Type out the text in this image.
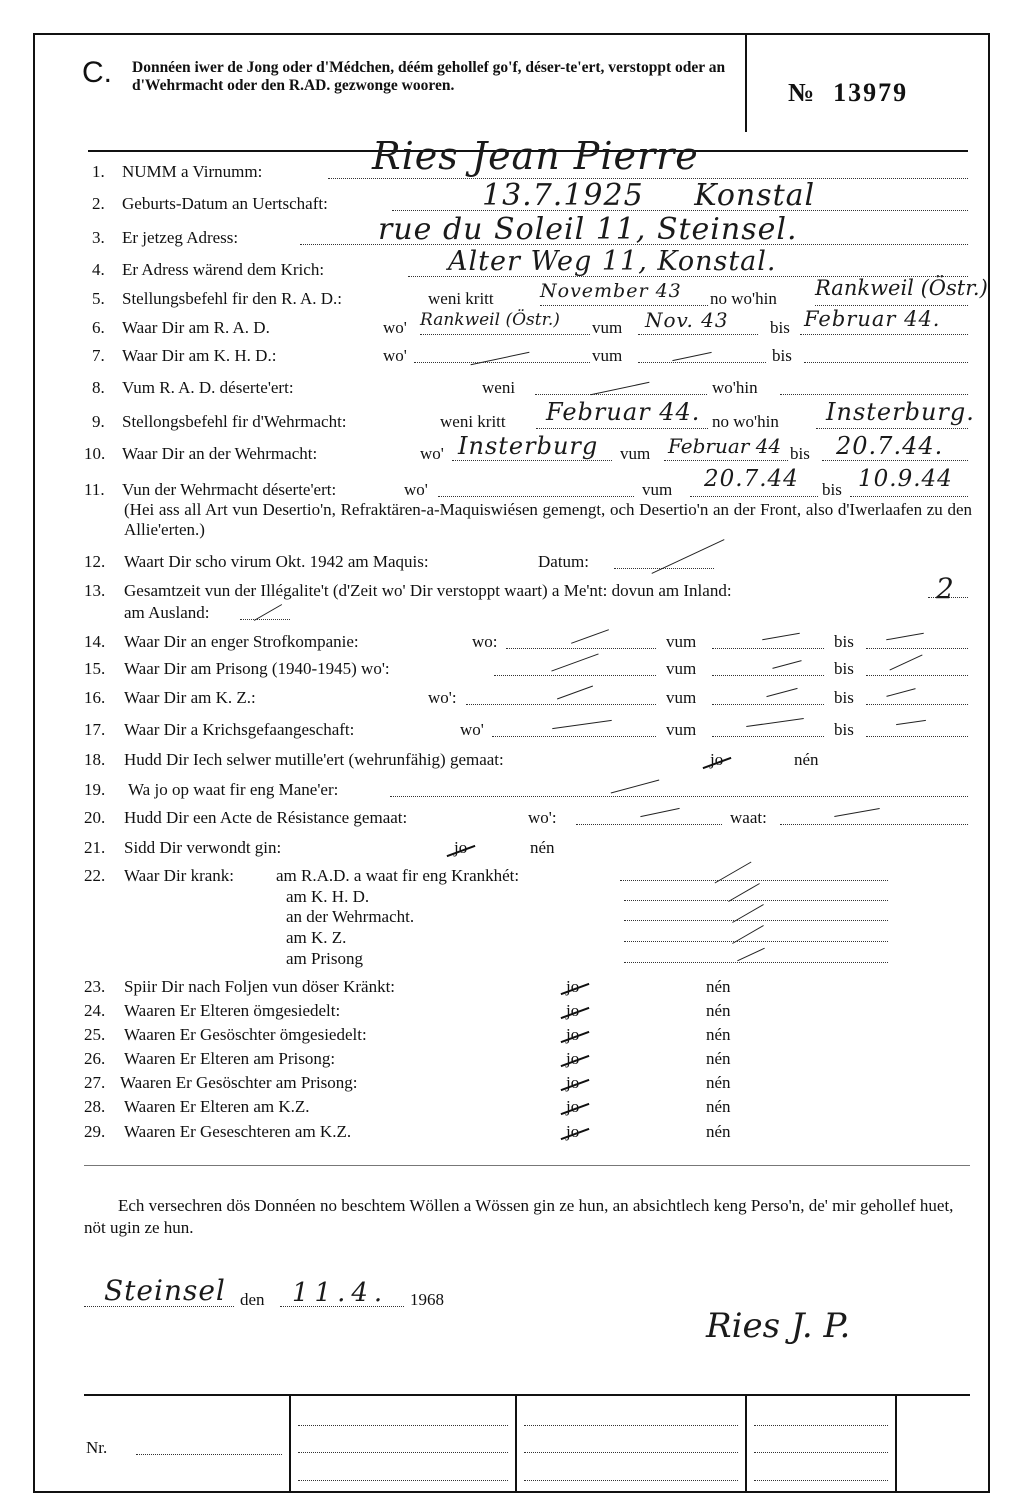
C. Donnéen iwer de Jong oder d'Médchen, déém gehollef go'f, déser-te'ert, verstoppt oder an d'Wehrmacht oder den R.AD. gezwonge wooren.	№ 13979
1. NUMM a Virnumm:	Ries Jean Pierre
2. Geburts-Datum an Uertschaft:	13.7.1925 Konstal
3. Er jetzeg Adress:	rue du Soleil 11, Steinsel.
4. Er Adress wärend dem Krich:	Alter Weg 11, Konstal.
5. Stellungsbefehl fir den R. A. D.:	weni kritt November 43 no wo'hin Rankweil (Östr.)
6. Waar Dir am R. A. D.	wo' Rankweil (Östr.) vum Nov. 43 bis Februar 44.
7. Waar Dir am K. H. D.:	wo'	vum	bis
8. Vum R. A. D. déserte'ert:	weni	wo'hin
9. Stellongsbefehl fir d'Wehrmacht:	weni kritt Februar 44. no wo'hin Insterburg.
10. Waar Dir an der Wehrmacht:	wo' Insterburg vum Februar 44 bis 20.7.44.
11. Vun der Wehrmacht déserte'ert:	wo'	vum 20.7.44 bis 10.9.44
(Hei ass all Art vun Desertio'n, Refraktären-a-Maquiswiésen gemengt, och Desertio'n an der Front, also d'Iwerlaafen zu den Allie'erten.)
12. Waart Dir scho virum Okt. 1942 am Maquis:	Datum:
13. Gesamtzeit vun der Illégalite't (d'Zeit wo' Dir verstoppt waart) a Me'nt: dovun am Inland:	2
am Ausland:
14. Waar Dir an enger Strofkompanie:	wo:	vum	bis
15. Waar Dir am Prisong (1940-1945) wo':	vum	bis
16. Waar Dir am K. Z.:	wo':	vum	bis
17. Waar Dir a Krichsgefaangeschaft:	wo'	vum	bis
18. Hudd Dir Iech selwer mutille'ert (wehrunfähig) gemaat:	jo	nén
19. Wa jo op waat fir eng Mane'er:
20. Hudd Dir een Acte de Résistance gemaat:	wo':	waat:
21. Sidd Dir verwondt gin:	jo	nén
22. Waar Dir krank: am R.A.D. a waat fir eng Krankhét:
am K. H. D.
an der Wehrmacht.
am K. Z.
am Prisong
23. Spiir Dir nach Foljen vun döser Kränkt:	jo	nén
24. Waaren Er Elteren ömgesiedelt:	jo	nén
25. Waaren Er Gesöschter ömgesiedelt:	jo	nén
26. Waaren Er Elteren am Prisong:	jo	nén
27. Waaren Er Gesöschter am Prisong:	jo	nén
28. Waaren Er Elteren am K.Z.	jo	nén
29. Waaren Er Geseschteren am K.Z.	jo	nén
Ech versechren dös Donnéen no beschtem Wöllen a Wössen gin ze hun, an absichtlech keng Perso'n, de' mir gehollef huet, nöt ugin ze hun.
Steinsel den 11.4. 1968
Ries J. P.
Nr.
